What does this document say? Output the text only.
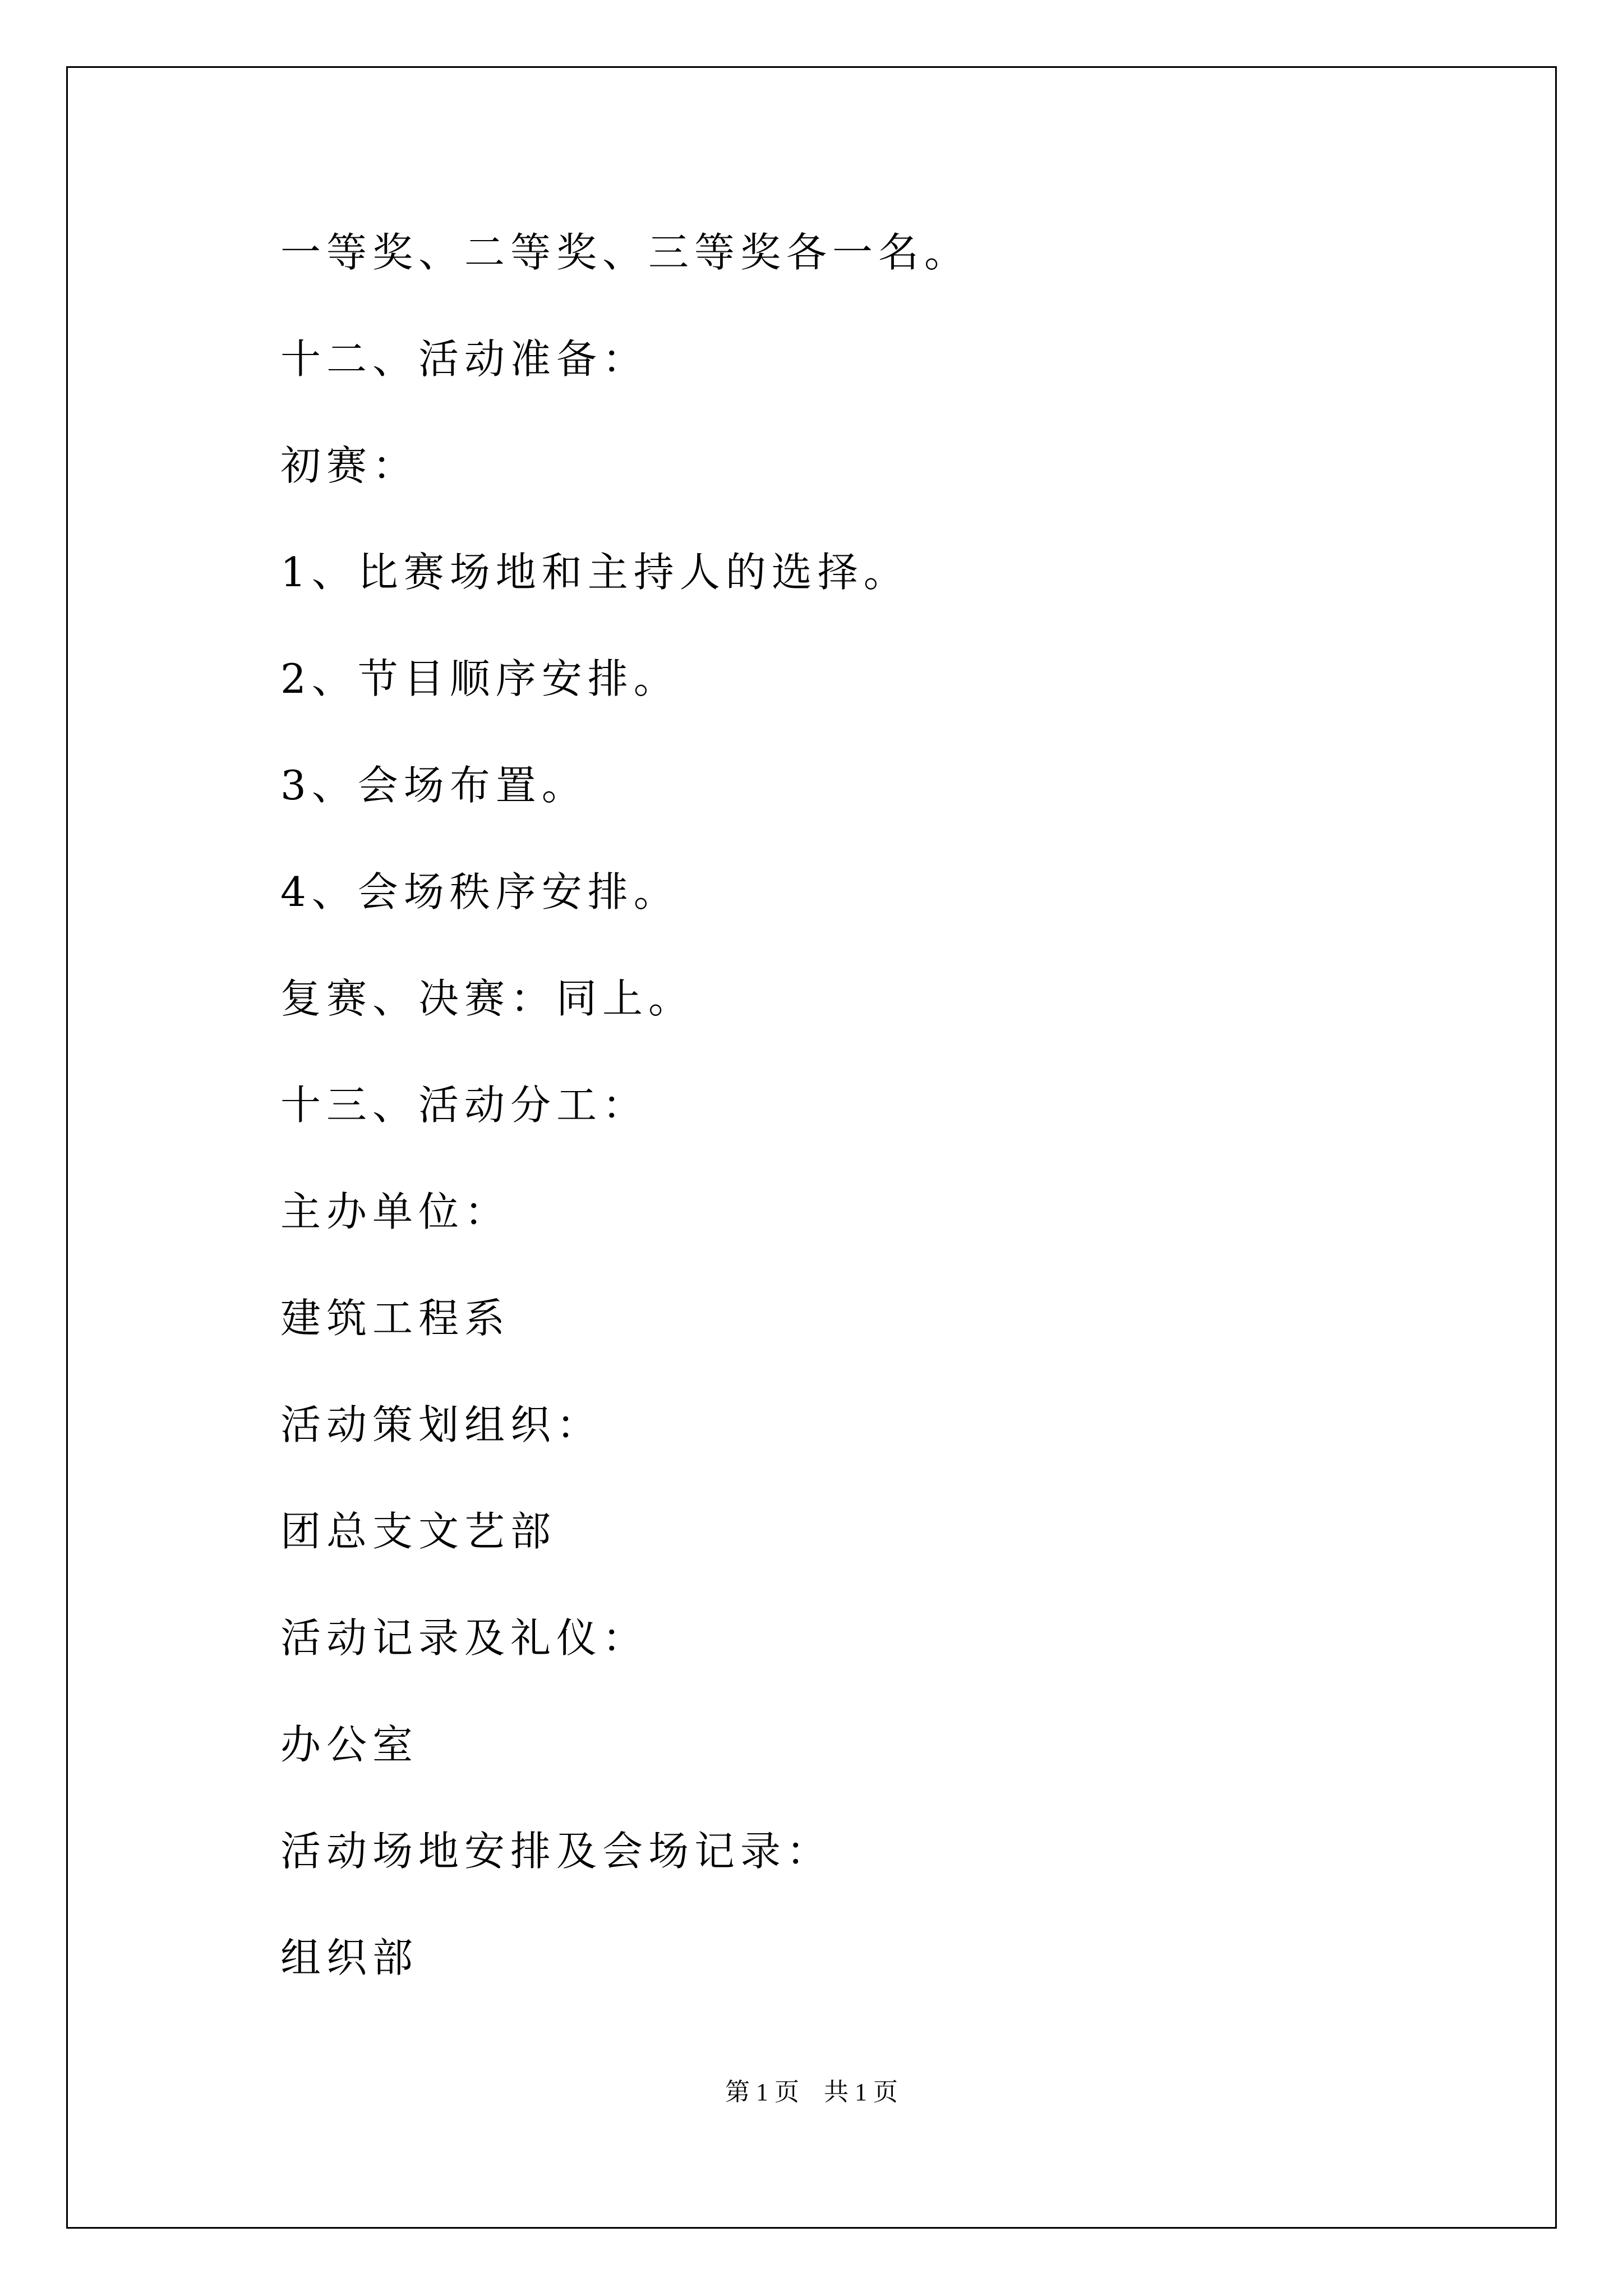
一等奖、二等奖、三等奖各一名。
十二、活动准备：
初赛：
1、比赛场地和主持人的选择。
2、节目顺序安排。
3、会场布置。
4、会场秩序安排。
复赛、决赛：同上。
十三、活动分工：
主办单位：
建筑工程系
活动策划组织：
团总支文艺部
活动记录及礼仪：
办公室
活动场地安排及会场记录：
组织部
第 1 页　共 1 页
